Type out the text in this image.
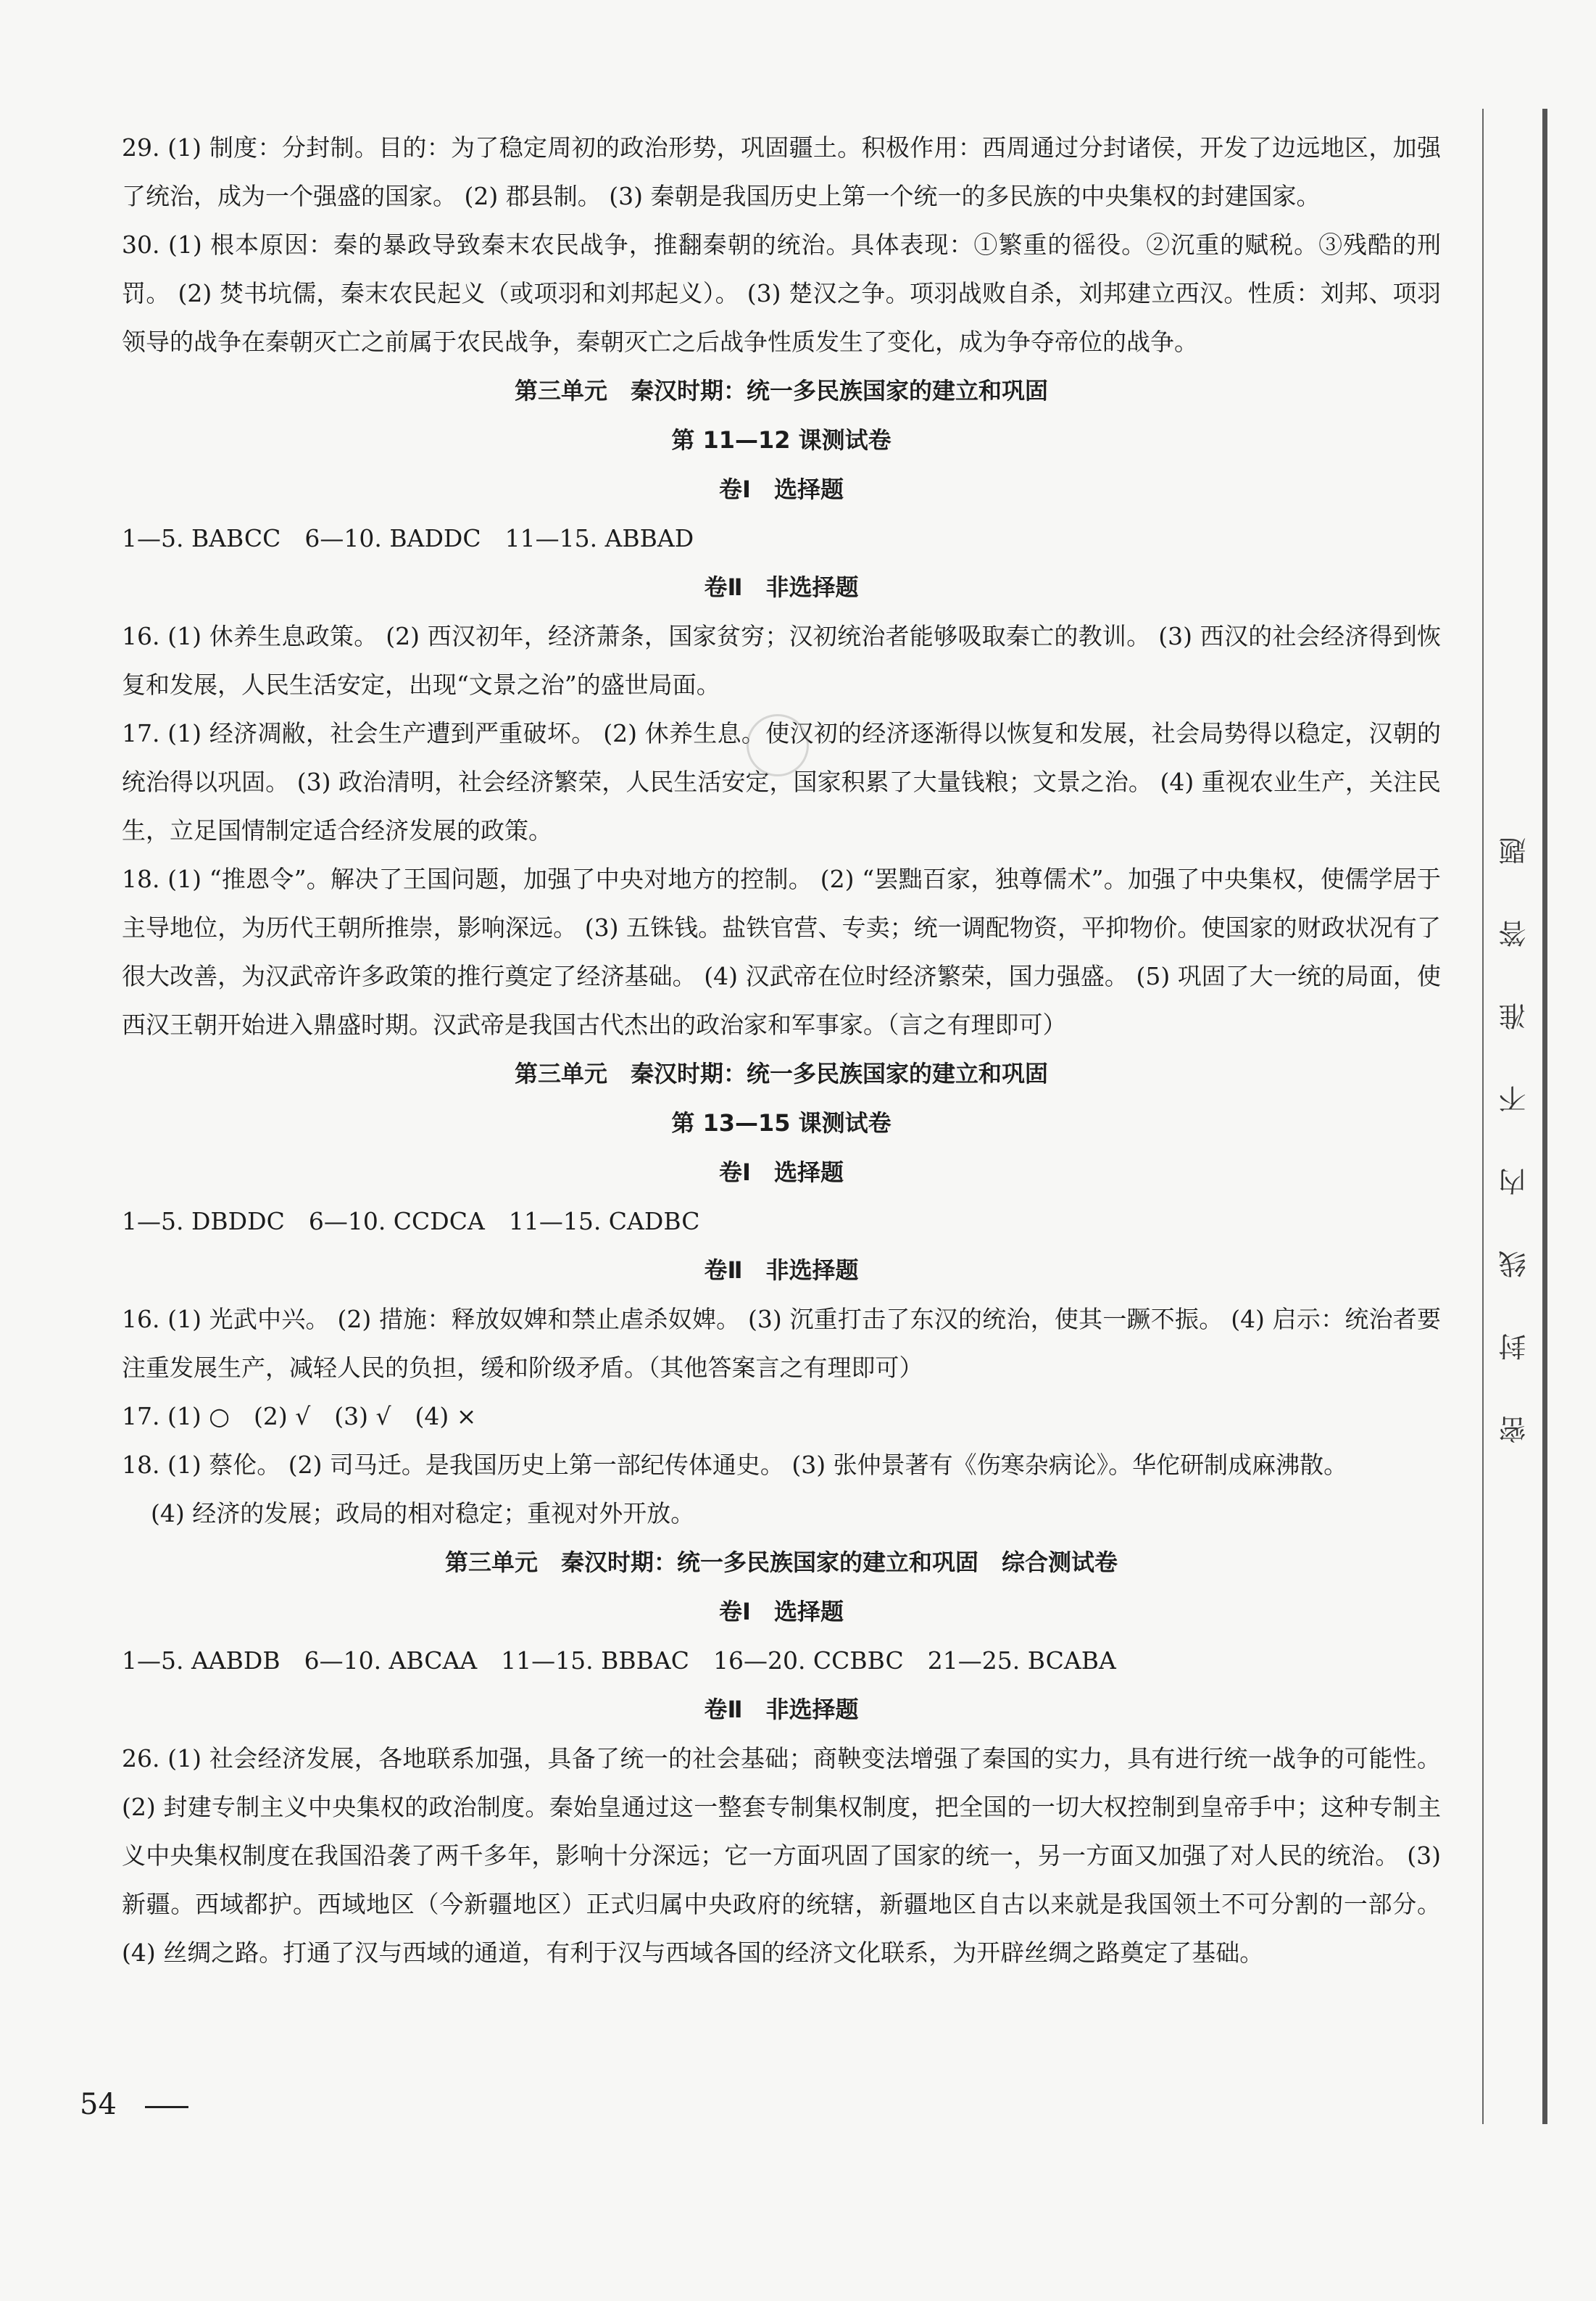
29. (1) 制度：分封制。目的：为了稳定周初的政治形势，巩固疆土。积极作用：西周通过分封诸侯，开发了边远地区，加强了统治，成为一个强盛的国家。 (2) 郡县制。 (3) 秦朝是我国历史上第一个统一的多民族的中央集权的封建国家。

30. (1) 根本原因：秦的暴政导致秦末农民战争，推翻秦朝的统治。具体表现：①繁重的徭役。②沉重的赋税。③残酷的刑罚。 (2) 焚书坑儒，秦末农民起义（或项羽和刘邦起义）。 (3) 楚汉之争。项羽战败自杀，刘邦建立西汉。性质：刘邦、项羽领导的战争在秦朝灭亡之前属于农民战争，秦朝灭亡之后战争性质发生了变化，成为争夺帝位的战争。

第三单元　秦汉时期：统一多民族国家的建立和巩固

第 11—12 课测试卷

卷Ⅰ　选择题

1—5. BABCC　6—10. BADDC　11—15. ABBAD

卷Ⅱ　非选择题

16. (1) 休养生息政策。 (2) 西汉初年，经济萧条，国家贫穷；汉初统治者能够吸取秦亡的教训。 (3) 西汉的社会经济得到恢复和发展，人民生活安定，出现“文景之治”的盛世局面。

17. (1) 经济凋敝，社会生产遭到严重破坏。 (2) 休养生息。使汉初的经济逐渐得以恢复和发展，社会局势得以稳定，汉朝的统治得以巩固。 (3) 政治清明，社会经济繁荣，人民生活安定，国家积累了大量钱粮；文景之治。 (4) 重视农业生产，关注民生，立足国情制定适合经济发展的政策。

18. (1) “推恩令”。解决了王国问题，加强了中央对地方的控制。 (2) “罢黜百家，独尊儒术”。加强了中央集权，使儒学居于主导地位，为历代王朝所推崇，影响深远。 (3) 五铢钱。盐铁官营、专卖；统一调配物资，平抑物价。使国家的财政状况有了很大改善，为汉武帝许多政策的推行奠定了经济基础。 (4) 汉武帝在位时经济繁荣，国力强盛。 (5) 巩固了大一统的局面，使西汉王朝开始进入鼎盛时期。汉武帝是我国古代杰出的政治家和军事家。（言之有理即可）

第三单元　秦汉时期：统一多民族国家的建立和巩固

第 13—15 课测试卷

卷Ⅰ　选择题

1—5. DBDDC　6—10. CCDCA　11—15. CADBC

卷Ⅱ　非选择题

16. (1) 光武中兴。 (2) 措施：释放奴婢和禁止虐杀奴婢。 (3) 沉重打击了东汉的统治，使其一蹶不振。 (4) 启示：统治者要注重发展生产，减轻人民的负担，缓和阶级矛盾。（其他答案言之有理即可）

17. (1) ○　(2) √　(3) √　(4) ×

18. (1) 蔡伦。 (2) 司马迁。是我国历史上第一部纪传体通史。 (3) 张仲景著有《伤寒杂病论》。华佗研制成麻沸散。

(4) 经济的发展；政局的相对稳定；重视对外开放。

第三单元　秦汉时期：统一多民族国家的建立和巩固　综合测试卷

卷Ⅰ　选择题

1—5. AABDB　6—10. ABCAA　11—15. BBBAC　16—20. CCBBC　21—25. BCABA

卷Ⅱ　非选择题

26. (1) 社会经济发展，各地联系加强，具备了统一的社会基础；商鞅变法增强了秦国的实力，具有进行统一战争的可能性。 (2) 封建专制主义中央集权的政治制度。秦始皇通过这一整套专制集权制度，把全国的一切大权控制到皇帝手中；这种专制主义中央集权制度在我国沿袭了两千多年，影响十分深远；它一方面巩固了国家的统一，另一方面又加强了对人民的统治。 (3) 新疆。西域都护。西域地区（今新疆地区）正式归属中央政府的统辖，新疆地区自古以来就是我国领土不可分割的一部分。 (4) 丝绸之路。打通了汉与西域的通道，有利于汉与西域各国的经济文化联系，为开辟丝绸之路奠定了基础。

密封线内不准答题
54
